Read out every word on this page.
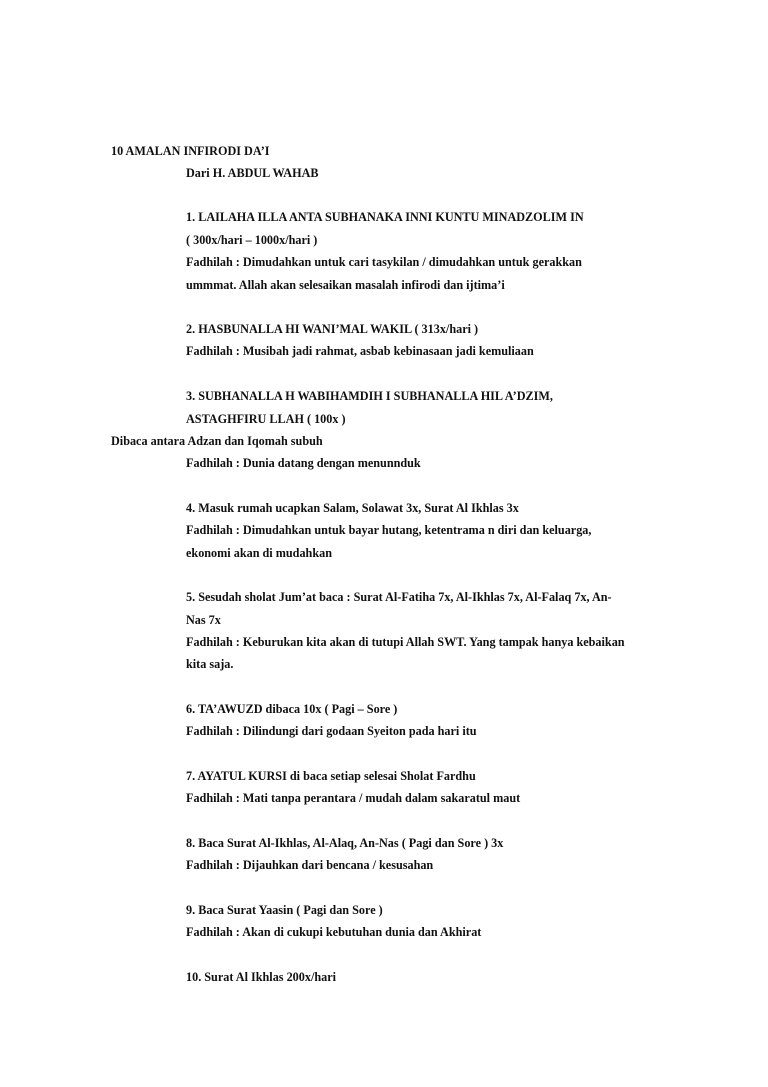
10 AMALAN INFIRODI DA’I
Dari H. ABDUL WAHAB
1. LAILAHA ILLA ANTA SUBHANAKA INNI KUNTU MINADZOLIM IN
( 300x/hari – 1000x/hari )
Fadhilah : Dimudahkan untuk cari tasykilan / dimudahkan untuk gerakkan
ummmat. Allah akan selesaikan masalah infirodi dan ijtima’i
2. HASBUNALLA HI WANI’MAL WAKIL ( 313x/hari )
Fadhilah : Musibah jadi rahmat, asbab kebinasaan jadi kemuliaan
3. SUBHANALLA H WABIHAMDIH I SUBHANALLA HIL A’DZIM,
ASTAGHFIRU LLAH ( 100x )
Dibaca antara Adzan dan Iqomah subuh
Fadhilah : Dunia datang dengan menunnduk
4. Masuk rumah ucapkan Salam, Solawat 3x, Surat Al Ikhlas 3x
Fadhilah : Dimudahkan untuk bayar hutang, ketentrama n diri dan keluarga,
ekonomi akan di mudahkan
5. Sesudah sholat Jum’at baca : Surat Al-Fatiha 7x, Al-Ikhlas 7x, Al-Falaq 7x, An-
Nas 7x
Fadhilah : Keburukan kita akan di tutupi Allah SWT. Yang tampak hanya kebaikan
kita saja.
6. TA’AWUZD dibaca 10x ( Pagi – Sore )
Fadhilah : Dilindungi dari godaan Syeiton pada hari itu
7. AYATUL KURSI di baca setiap selesai Sholat Fardhu
Fadhilah : Mati tanpa perantara / mudah dalam sakaratul maut
8. Baca Surat Al-Ikhlas, Al-Alaq, An-Nas ( Pagi dan Sore ) 3x
Fadhilah : Dijauhkan dari bencana / kesusahan
9. Baca Surat Yaasin ( Pagi dan Sore )
Fadhilah : Akan di cukupi kebutuhan dunia dan Akhirat
10. Surat Al Ikhlas 200x/hari
